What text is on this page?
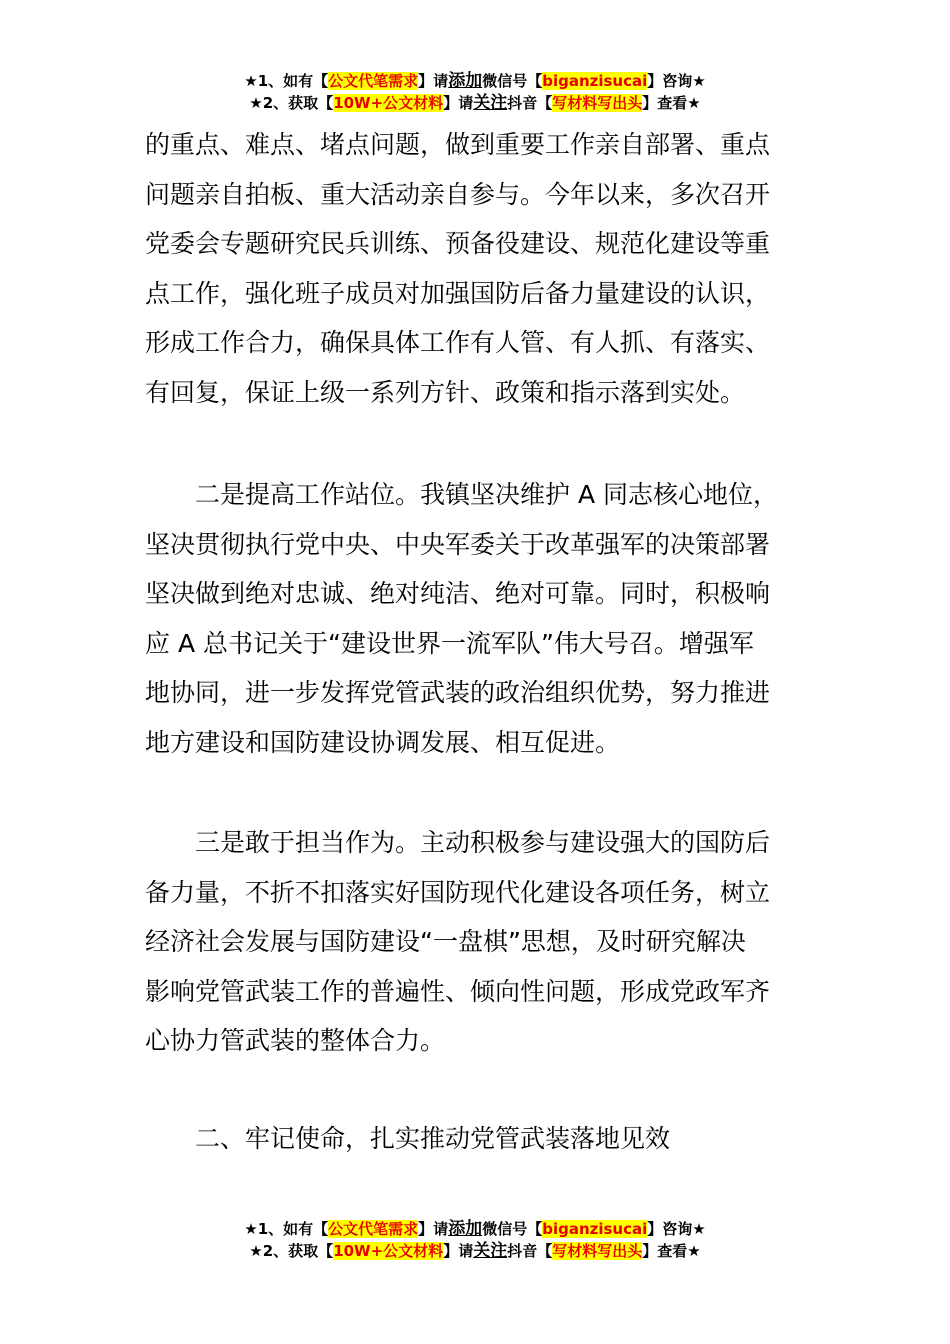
★1、如有【公文代笔需求】请添加微信号【biganzisucai】咨询★
★2、获取【10W+公文材料】请关注抖音【写材料写出头】查看★

的重点、难点、堵点问题，做到重要工作亲自部署、重点
问题亲自拍板、重大活动亲自参与。今年以来，多次召开
党委会专题研究民兵训练、预备役建设、规范化建设等重
点工作，强化班子成员对加强国防后备力量建设的认识，
形成工作合力，确保具体工作有人管、有人抓、有落实、
有回复，保证上级一系列方针、政策和指示落到实处。

　　二是提高工作站位。我镇坚决维护 A 同志核心地位，
坚决贯彻执行党中央、中央军委关于改革强军的决策部署
坚决做到绝对忠诚、绝对纯洁、绝对可靠。同时，积极响
应 A 总书记关于“建设世界一流军队”伟大号召。增强军
地协同，进一步发挥党管武装的政治组织优势，努力推进
地方建设和国防建设协调发展、相互促进。

　　三是敢于担当作为。主动积极参与建设强大的国防后
备力量，不折不扣落实好国防现代化建设各项任务，树立
经济社会发展与国防建设“一盘棋”思想，及时研究解决
影响党管武装工作的普遍性、倾向性问题，形成党政军齐
心协力管武装的整体合力。

　　二、牢记使命，扎实推动党管武装落地见效

★1、如有【公文代笔需求】请添加微信号【biganzisucai】咨询★
★2、获取【10W+公文材料】请关注抖音【写材料写出头】查看★
